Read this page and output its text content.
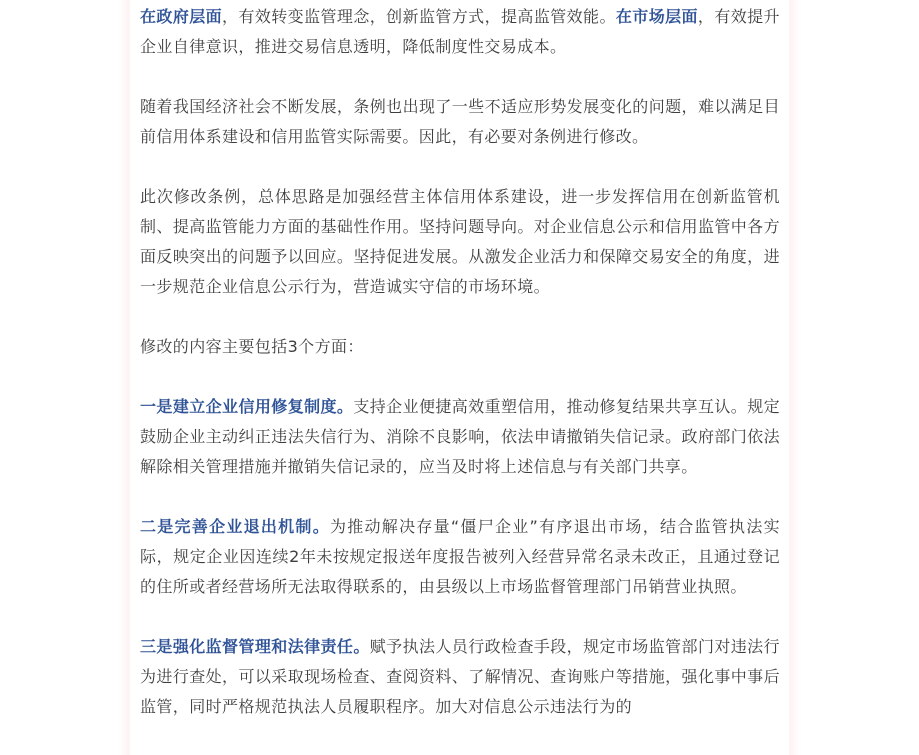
在政府层面，有效转变监管理念，创新监管方式，提高监管效能。在市场层面，有效提升企业自律意识，推进交易信息透明，降低制度性交易成本。

随着我国经济社会不断发展，条例也出现了一些不适应形势发展变化的问题，难以满足目前信用体系建设和信用监管实际需要。因此，有必要对条例进行修改。

此次修改条例，总体思路是加强经营主体信用体系建设，进一步发挥信用在创新监管机制、提高监管能力方面的基础性作用。坚持问题导向。对企业信息公示和信用监管中各方面反映突出的问题予以回应。坚持促进发展。从激发企业活力和保障交易安全的角度，进一步规范企业信息公示行为，营造诚实守信的市场环境。

修改的内容主要包括3个方面：

一是建立企业信用修复制度。支持企业便捷高效重塑信用，推动修复结果共享互认。规定鼓励企业主动纠正违法失信行为、消除不良影响，依法申请撤销失信记录。政府部门依法解除相关管理措施并撤销失信记录的，应当及时将上述信息与有关部门共享。

二是完善企业退出机制。为推动解决存量“僵尸企业”有序退出市场，结合监管执法实际，规定企业因连续2年未按规定报送年度报告被列入经营异常名录未改正，且通过登记的住所或者经营场所无法取得联系的，由县级以上市场监督管理部门吊销营业执照。

三是强化监督管理和法律责任。赋予执法人员行政检查手段，规定市场监管部门对违法行为进行查处，可以采取现场检查、查阅资料、了解情况、查询账户等措施，强化事中事后监管，同时严格规范执法人员履职程序。加大对信息公示违法行为的
